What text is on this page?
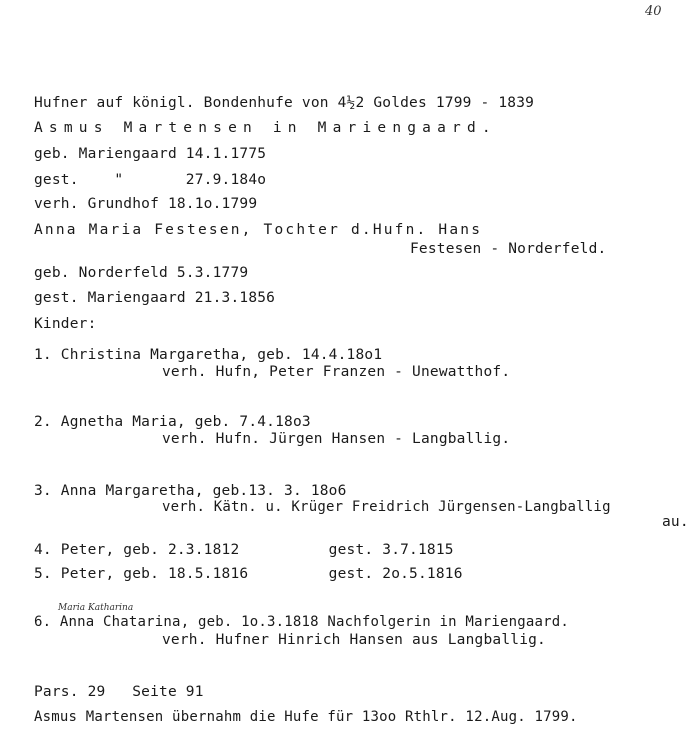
40
Hufner auf königl. Bondenhufe von 4½2 Goldes 1799 - 1839
Asmus Martensen in Mariengaard.
geb. Mariengaard 14.1.1775
gest.    "       27.9.184o
verh. Grundhof 18.1o.1799
Anna Maria Festesen, Tochter d.Hufn. Hans
Festesen - Norderfeld.
geb. Norderfeld 5.3.1779
gest. Mariengaard 21.3.1856
Kinder:
1. Christina Margaretha, geb. 14.4.18o1
verh. Hufn, Peter Franzen - Unewatthof.
2. Agnetha Maria, geb. 7.4.18o3
verh. Hufn. Jürgen Hansen - Langballig.
3. Anna Margaretha, geb.13. 3. 18o6
verh. Kätn. u. Krüger Freidrich Jürgensen-Langballig
au.
4. Peter, geb. 2.3.1812          gest. 3.7.1815
5. Peter, geb. 18.5.1816         gest. 2o.5.1816
Maria Katharina
6. Anna Chatarina, geb. 1o.3.1818 Nachfolgerin in Mariengaard.
verh. Hufner Hinrich Hansen aus Langballig.
Pars. 29   Seite 91
Asmus Martensen übernahm die Hufe für 13oo Rthlr. 12.Aug. 1799.
